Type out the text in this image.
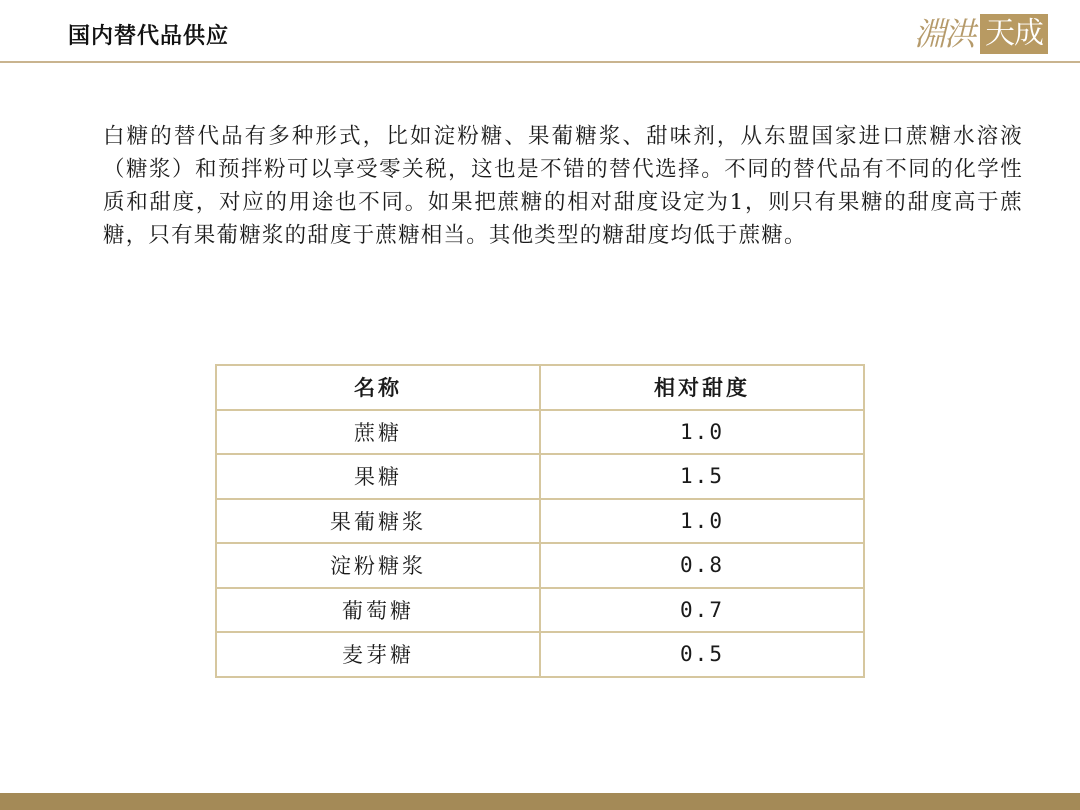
国内替代品供应	淵洪 天成

白糖的替代品有多种形式，比如淀粉糖、果葡糖浆、甜味剂，从东盟国家进口蔗糖水溶液（糖浆）和预拌粉可以享受零关税，这也是不错的替代选择。不同的替代品有不同的化学性质和甜度，对应的用途也不同。如果把蔗糖的相对甜度设定为1，则只有果糖的甜度高于蔗糖，只有果葡糖浆的甜度于蔗糖相当。其他类型的糖甜度均低于蔗糖。

名称	相对甜度
蔗糖	1.0
果糖	1.5
果葡糖浆	1.0
淀粉糖浆	0.8
葡萄糖	0.7
麦芽糖	0.5
